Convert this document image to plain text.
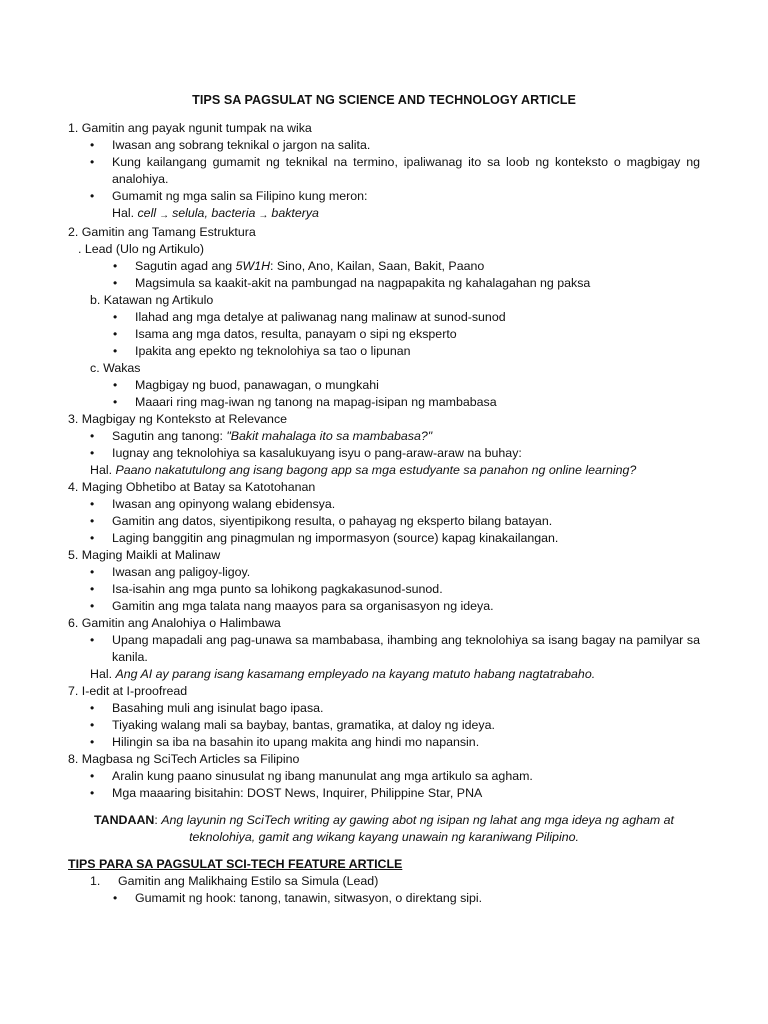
TIPS SA PAGSULAT NG SCIENCE AND TECHNOLOGY ARTICLE
1. Gamitin ang payak ngunit tumpak na wika
• Iwasan ang sobrang teknikal o jargon na salita.
• Kung kailangang gumamit ng teknikal na termino, ipaliwanag ito sa loob ng konteksto o magbigay ng analohiya.
• Gumamit ng mga salin sa Filipino kung meron:
Hal. cell → selula, bacteria → bakterya
2. Gamitin ang Tamang Estruktura
. Lead (Ulo ng Artikulo)
• Sagutin agad ang 5W1H: Sino, Ano, Kailan, Saan, Bakit, Paano
• Magsimula sa kaakit-akit na pambungad na nagpapakita ng kahalagahan ng paksa
b. Katawan ng Artikulo
• Ilahad ang mga detalye at paliwanag nang malinaw at sunod-sunod
• Isama ang mga datos, resulta, panayam o sipi ng eksperto
• Ipakita ang epekto ng teknolohiya sa tao o lipunan
c. Wakas
• Magbigay ng buod, panawagan, o mungkahi
• Maaari ring mag-iwan ng tanong na mapag-isipan ng mambabasa
3. Magbigay ng Konteksto at Relevance
• Sagutin ang tanong: "Bakit mahalaga ito sa mambabasa?"
• Iugnay ang teknolohiya sa kasalukuyang isyu o pang-araw-araw na buhay:
Hal. Paano nakatutulong ang isang bagong app sa mga estudyante sa panahon ng online learning?
4. Maging Obhetibo at Batay sa Katotohanan
• Iwasan ang opinyong walang ebidensya.
• Gamitin ang datos, siyentipikong resulta, o pahayag ng eksperto bilang batayan.
• Laging banggitin ang pinagmulan ng impormasyon (source) kapag kinakailangan.
5. Maging Maikli at Malinaw
• Iwasan ang paligoy-ligoy.
• Isa-isahin ang mga punto sa lohikong pagkakasunod-sunod.
• Gamitin ang mga talata nang maayos para sa organisasyon ng ideya.
6. Gamitin ang Analohiya o Halimbawa
• Upang mapadali ang pag-unawa sa mambabasa, ihambing ang teknolohiya sa isang bagay na pamilyar sa kanila.
Hal. Ang AI ay parang isang kasamang empleyado na kayang matuto habang nagtatrabaho.
7. I-edit at I-proofread
• Basahing muli ang isinulat bago ipasa.
• Tiyaking walang mali sa baybay, bantas, gramatika, at daloy ng ideya.
• Hilingin sa iba na basahin ito upang makita ang hindi mo napansin.
8. Magbasa ng SciTech Articles sa Filipino
• Aralin kung paano sinusulat ng ibang manunulat ang mga artikulo sa agham.
• Mga maaaring bisitahin: DOST News, Inquirer, Philippine Star, PNA
TANDAAN: Ang layunin ng SciTech writing ay gawing abot ng isipan ng lahat ang mga ideya ng agham at teknolohiya, gamit ang wikang kayang unawain ng karaniwang Pilipino.
TIPS PARA SA PAGSULAT SCI-TECH FEATURE ARTICLE
1. Gamitin ang Malikhaing Estilo sa Simula (Lead)
• Gumamit ng hook: tanong, tanawin, sitwasyon, o direktang sipi.
